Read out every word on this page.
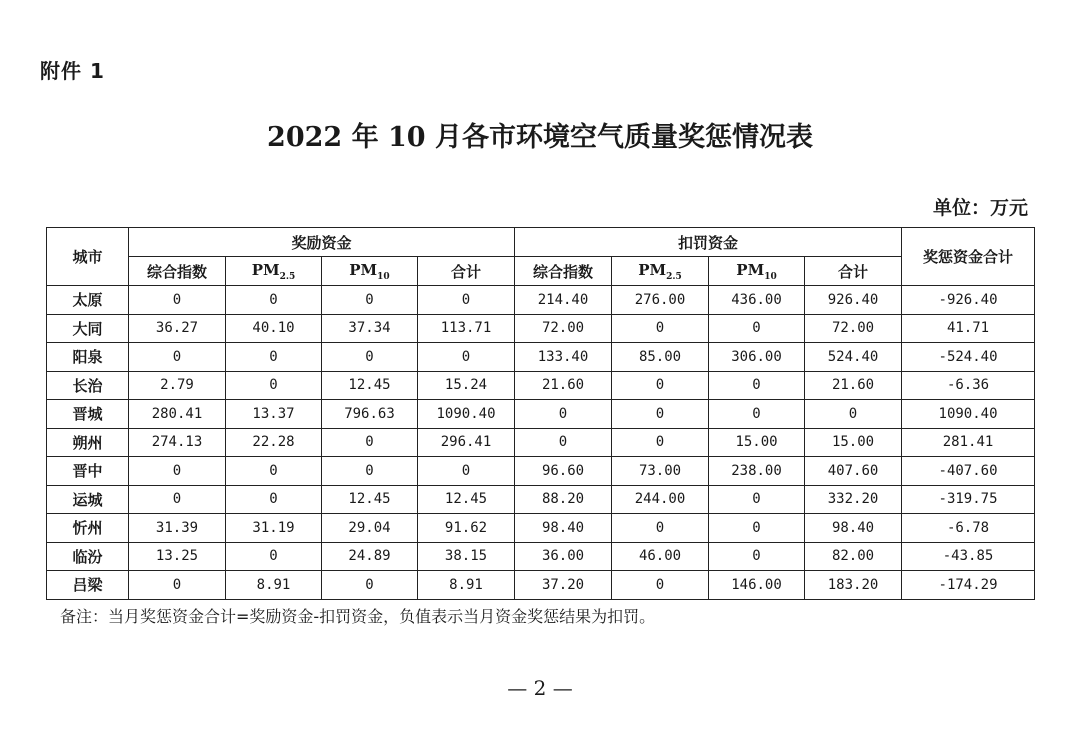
附件 1
2022 年 10 月各市环境空气质量奖惩情况表
单位：万元
城市	奖励资金				扣罚资金				奖惩资金合计
	综合指数	$PM_{2.5}$	$PM_{10}$	合计	综合指数	$PM_{2.5}$	$PM_{10}$	合计	
太原	0	0	0	0	214.40	276.00	436.00	926.40	-926.40
大同	36.27	40.10	37.34	113.71	72.00	0	0	72.00	41.71
阳泉	0	0	0	0	133.40	85.00	306.00	524.40	-524.40
长治	2.79	0	12.45	15.24	21.60	0	0	21.60	-6.36
晋城	280.41	13.37	796.63	1090.40	0	0	0	0	1090.40
朔州	274.13	22.28	0	296.41	0	0	15.00	15.00	281.41
晋中	0	0	0	0	96.60	73.00	238.00	407.60	-407.60
运城	0	0	12.45	12.45	88.20	244.00	0	332.20	-319.75
忻州	31.39	31.19	29.04	91.62	98.40	0	0	98.40	-6.78
临汾	13.25	0	24.89	38.15	36.00	46.00	0	82.00	-43.85
吕梁	0	8.91	0	8.91	37.20	0	146.00	183.20	-174.29
备注：当月奖惩资金合计=奖励资金-扣罚资金，负值表示当月资金奖惩结果为扣罚。
— 2 —
